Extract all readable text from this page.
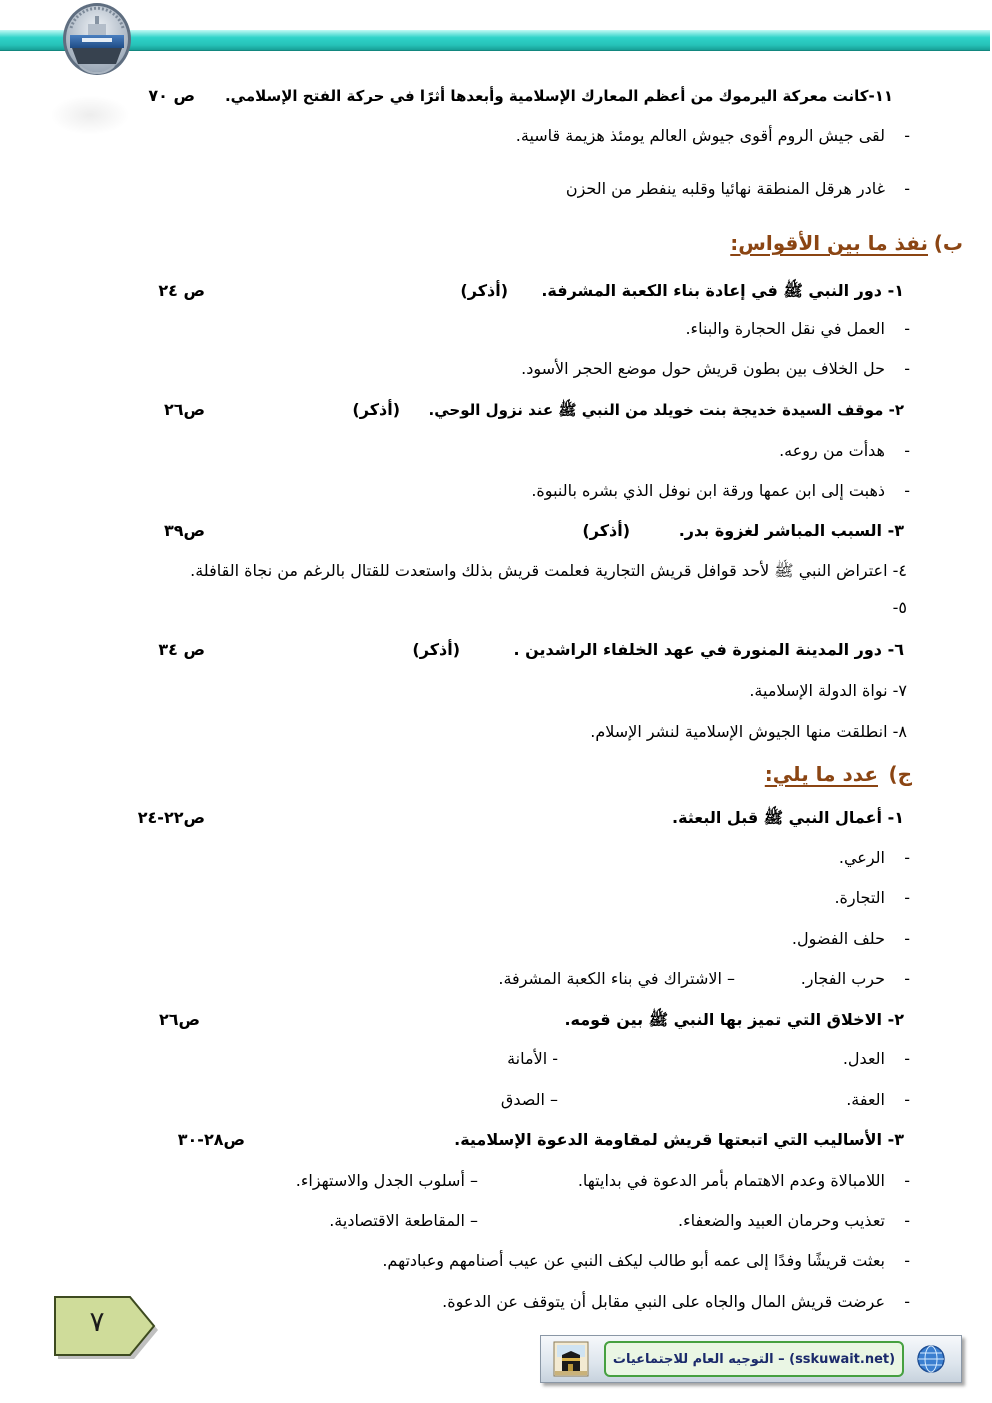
١١-كانت معركة اليرموك من أعظم المعارك الإسلامية وأبعدها أثرًا في حركة الفتح الإسلامي.
ص ٧٠
-
لقى جيش الروم أقوى جيوش العالم يومئذ هزيمة قاسية.
-
غادر هرقل المنطقة نهائيا وقلبه ينفطر من الحزن
ب)
نفذ ما بين الأقواس:
١- دور النبي ﷺ في إعادة بناء الكعبة المشرفة.
(أذكر)
ص ٢٤
-
العمل في نقل الحجارة والبناء.
-
حل الخلاف بين بطون قريش حول موضع الحجر الأسود.
٢- موقف السيدة خديجة بنت خويلد من النبي ﷺ عند نزول الوحي.
(أذكر)
ص٢٦
-
هدأت من روعه.
-
ذهبت إلى ابن عمها ورقة ابن نوفل الذي بشره بالنبوة.
٣- السبب المباشر لغزوة بدر.
(أذكر)
ص٣٩
٤- اعتراض النبي ﷺ لأحد قوافل قريش التجارية فعلمت قريش بذلك واستعدت للقتال بالرغم من نجاة القافلة.
٥-
٦- دور المدينة المنورة في عهد الخلفاء الراشدين .
(أذكر)
ص ٣٤
٧- نواة الدولة الإسلامية.
٨- انطلقت منها الجيوش الإسلامية لنشر الإسلام.
ج)
عدد ما يلي:
١- أعمال النبي ﷺ قبل البعثة.
ص٢٢-٢٤
-
الرعي.
-
التجارة.
-
حلف الفضول.
-
حرب الفجار.
– الاشتراك في بناء الكعبة المشرفة.
٢- الاخلاق التي تميز بها النبي ﷺ بين قومه.
ص٢٦
-
العدل.
- الأمانة
-
العفة.
– الصدق
٣- الأساليب التي اتبعتها قريش لمقاومة الدعوة الإسلامية.
ص٢٨-٣٠
-
اللامبالاة وعدم الاهتمام بأمر الدعوة في بدايتها.
– أسلوب الجدل والاستهزاء.
-
تعذيب وحرمان العبيد والضعفاء.
– المقاطعة الاقتصادية.
-
بعثت قريشًا وفدًا إلى عمه أبو طالب ليكف النبي عن عيب أصنامهم وعبادتهم.
-
عرضت قريش المال والجاه على النبي مقابل أن يتوقف عن الدعوة.
٧
(sskuwait.net) – التوجيه العام للاجتماعيات
